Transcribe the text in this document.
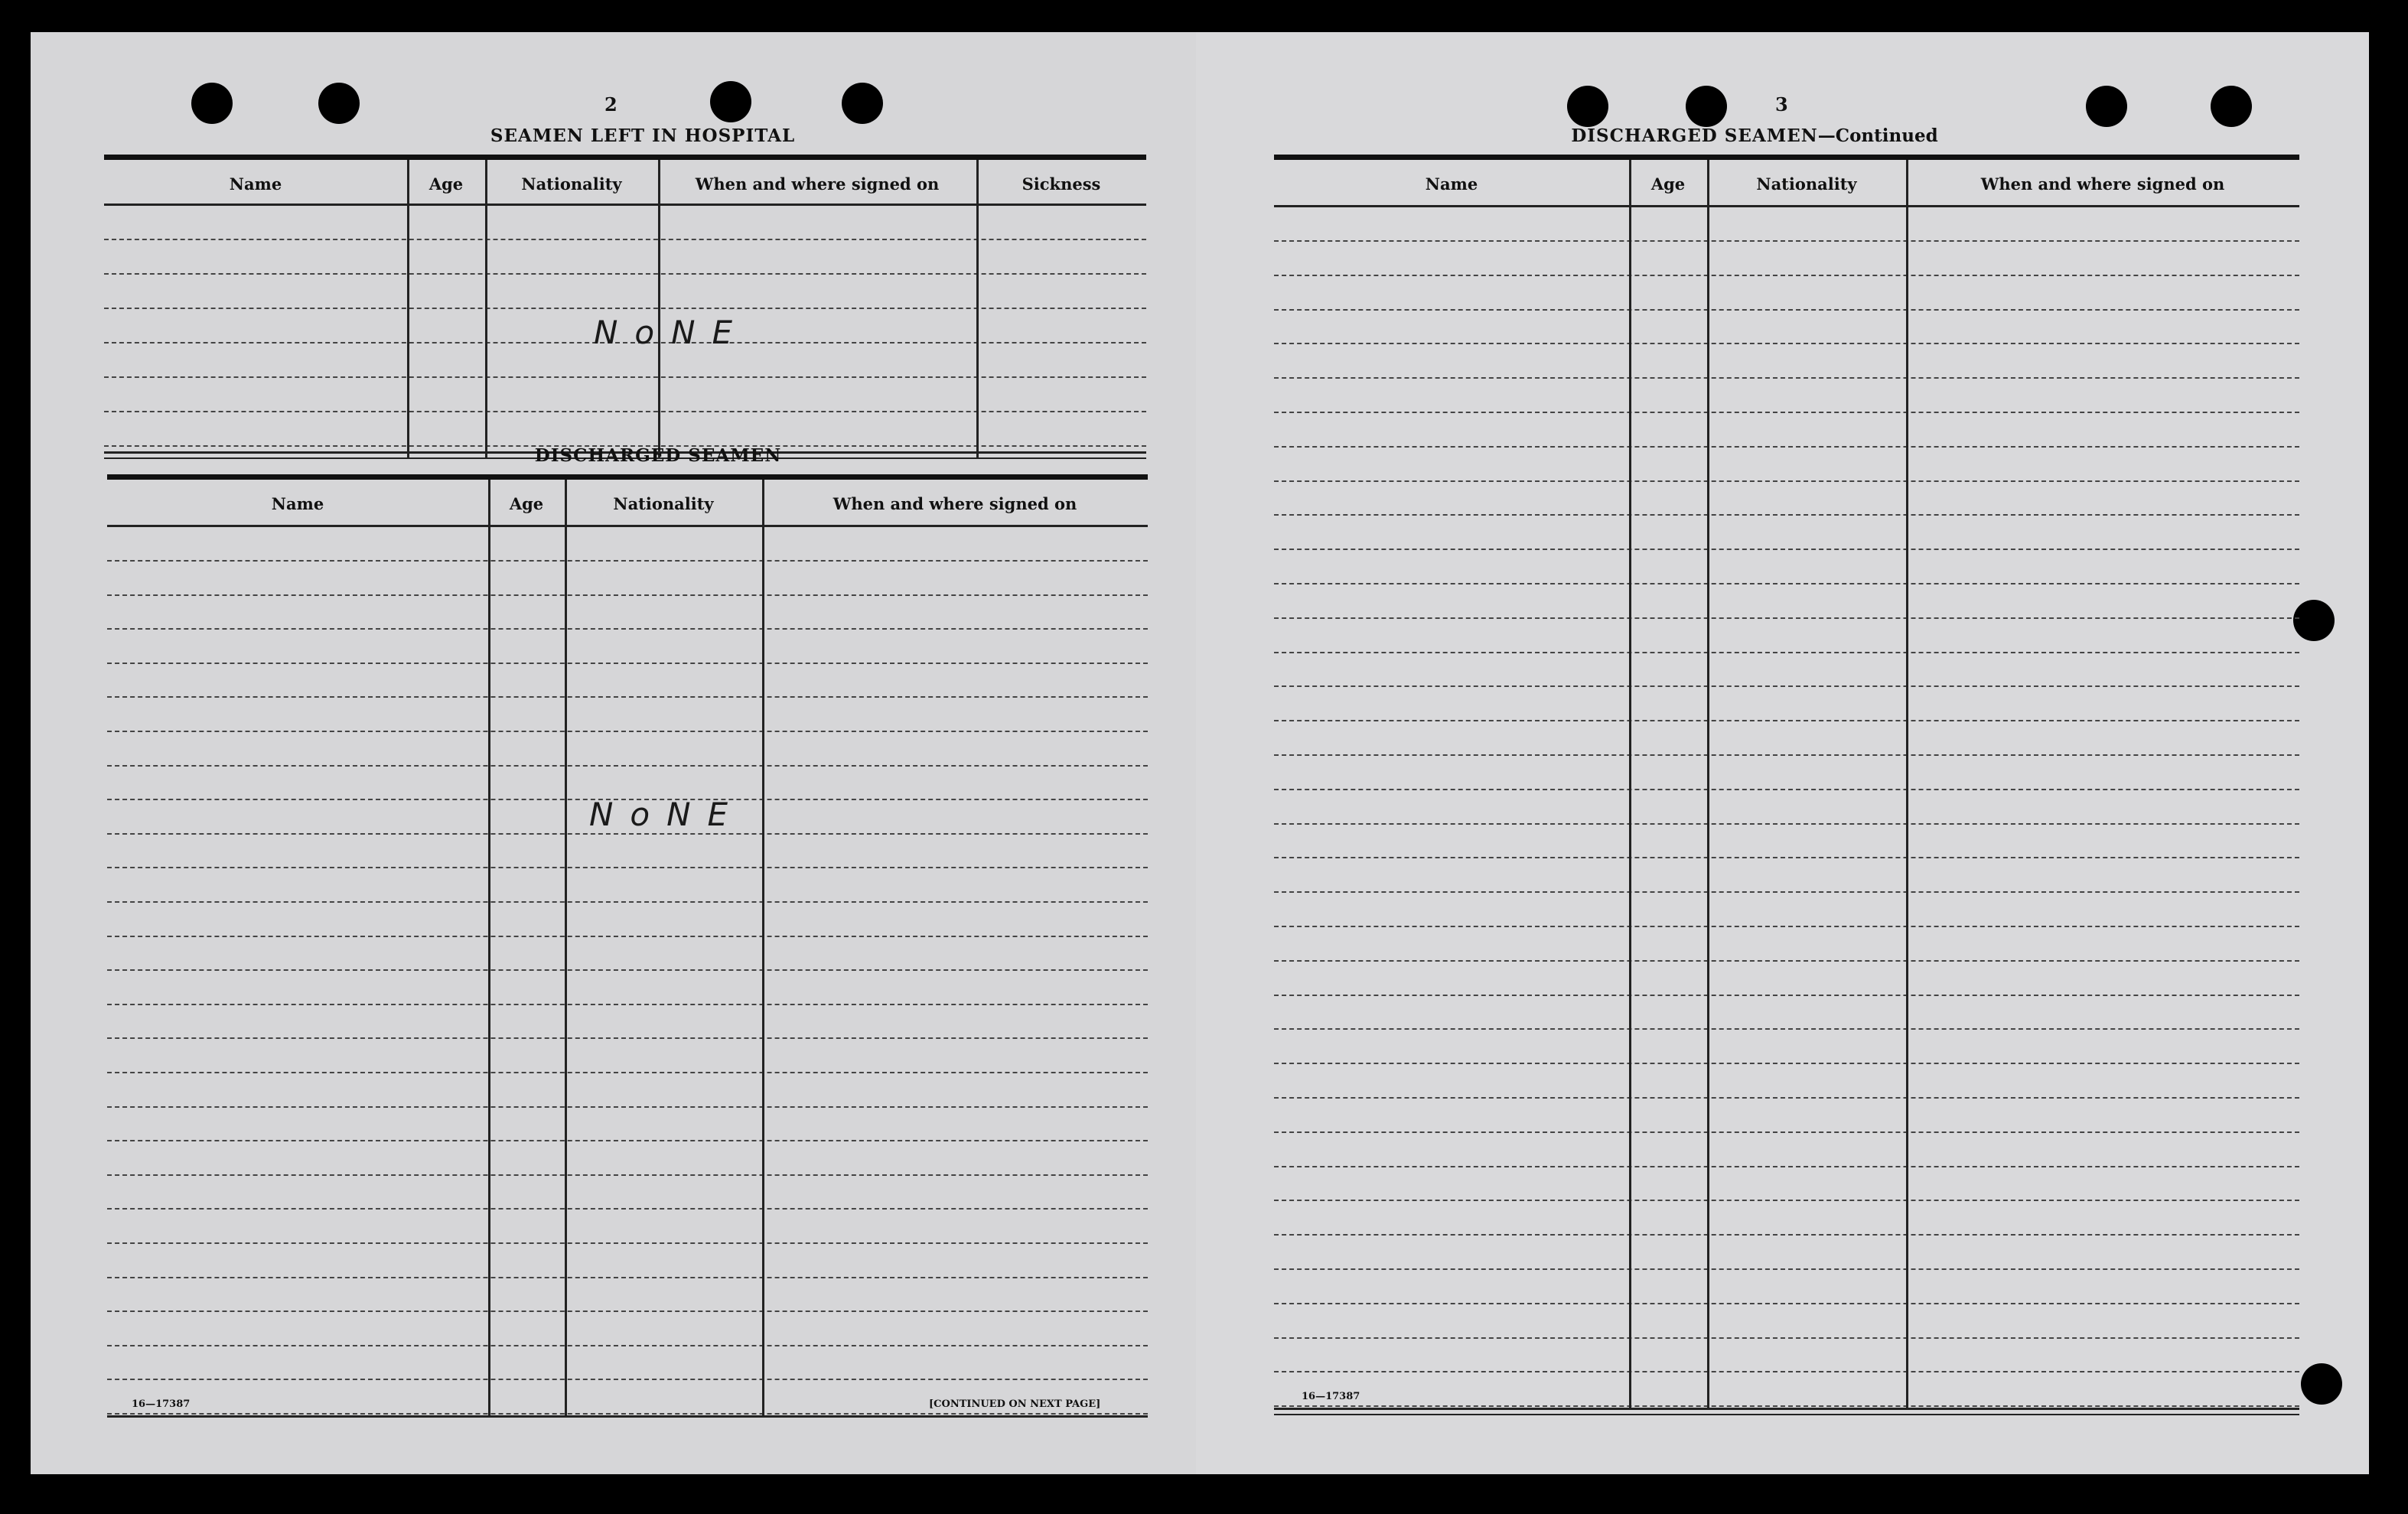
2
SEAMEN LEFT IN HOSPITAL
Name	Age	Nationality	When and where signed on	Sickness
NoNE
DISCHARGED SEAMEN
Name	Age	Nationality	When and where signed on
NoNE
16—17387	[CONTINUED ON NEXT PAGE]
3
DISCHARGED SEAMEN—Continued
Name	Age	Nationality	When and where signed on
16—17387
